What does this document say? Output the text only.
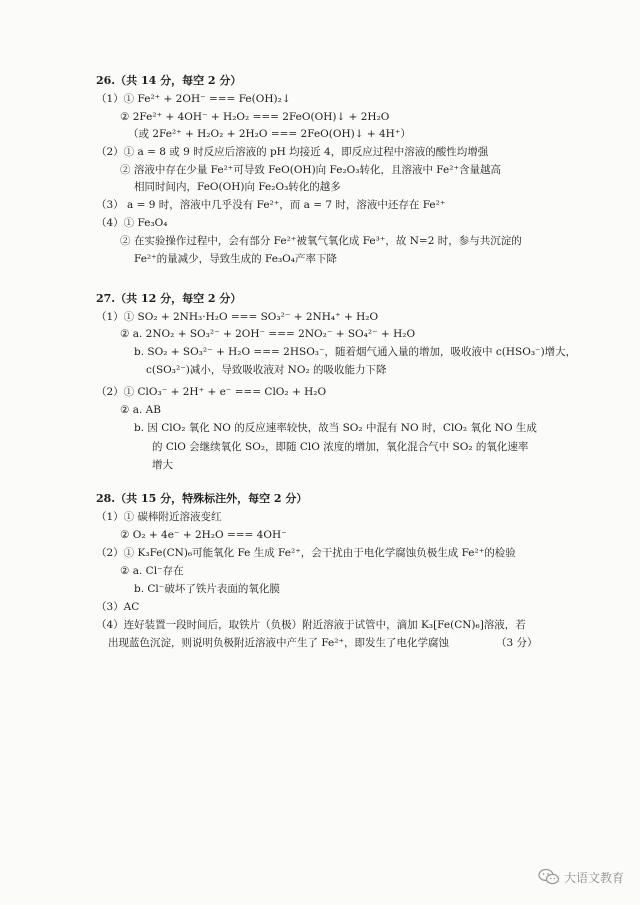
26.（共 14 分，每空 2 分）
（1）① Fe²⁺ + 2OH⁻ === Fe(OH)₂↓
② 2Fe²⁺ + 4OH⁻ + H₂O₂ === 2FeO(OH)↓ + 2H₂O
（或 2Fe²⁺ + H₂O₂ + 2H₂O === 2FeO(OH)↓ + 4H⁺）
（2）① a = 8 或 9 时反应后溶液的 pH 均接近 4，即反应过程中溶液的酸性均增强
② 溶液中存在少量 Fe²⁺可导致 FeO(OH)向 Fe₂O₃转化，且溶液中 Fe²⁺含量越高
相同时间内，FeO(OH)向 Fe₂O₃转化的越多
（3） a = 9 时，溶液中几乎没有 Fe²⁺，而 a = 7 时，溶液中还存在 Fe²⁺
（4）① Fe₃O₄
② 在实验操作过程中，会有部分 Fe²⁺被氧气氧化成 Fe³⁺，故 N=2 时，参与共沉淀的
Fe²⁺的量减少，导致生成的 Fe₃O₄产率下降
27.（共 12 分，每空 2 分）
（1）① SO₂ + 2NH₃·H₂O === SO₃²⁻ + 2NH₄⁺ + H₂O
② a. 2NO₂ + SO₃²⁻ + 2OH⁻ === 2NO₂⁻ + SO₄²⁻ + H₂O
b. SO₂ + SO₃²⁻ + H₂O === 2HSO₃⁻，随着烟气通入量的增加，吸收液中 c(HSO₃⁻)增大，
c(SO₃²⁻)减小，导致吸收液对 NO₂ 的吸收能力下降
（2）① ClO₃⁻ + 2H⁺ + e⁻ === ClO₂ + H₂O
② a. AB
b. 因 ClO₂ 氧化 NO 的反应速率较快，故当 SO₂ 中混有 NO 时，ClO₂ 氧化 NO 生成
的 ClO 会继续氧化 SO₂，即随 ClO 浓度的增加，氧化混合气中 SO₂ 的氧化速率
增大
28.（共 15 分，特殊标注外，每空 2 分）
（1）① 碳棒附近溶液变红
② O₂ + 4e⁻ + 2H₂O === 4OH⁻
（2）① K₃Fe(CN)₆可能氧化 Fe 生成 Fe²⁺，会干扰由于电化学腐蚀负极生成 Fe²⁺的检验
② a. Cl⁻存在
b. Cl⁻破坏了铁片表面的氧化膜
（3）AC
（4）连好装置一段时间后，取铁片（负极）附近溶液于试管中，滴加 K₃[Fe(CN)₆]溶液，若
出现蓝色沉淀，则说明负极附近溶液中产生了 Fe²⁺，即发生了电化学腐蚀	（3 分）
大语文教育
